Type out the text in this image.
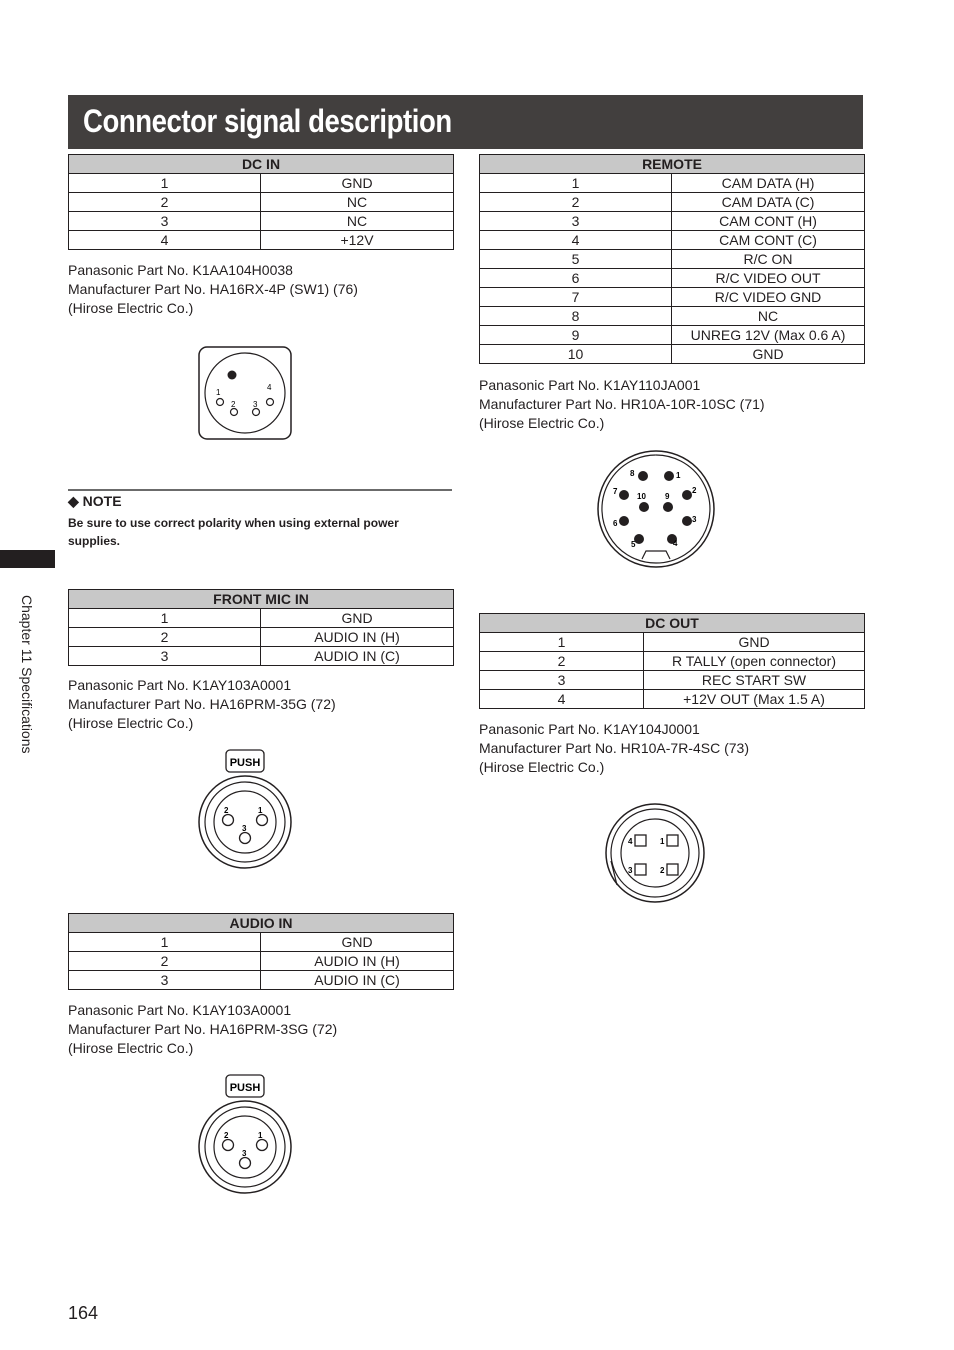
Connector signal description
Chapter 11 Specifications
DC IN	
1	GND
2	NC
3	NC
4	+12V
Panasonic Part No. K1AA104H0038
Manufacturer Part No. HA16RX-4P (SW1) (76)
(Hirose Electric Co.)
1
2 3
4
◆ NOTE
Be sure to use correct polarity when using external power supplies.
FRONT MIC IN	
1	GND
2	AUDIO IN (H)
3	AUDIO IN (C)
Panasonic Part No. K1AY103A0001
Manufacturer Part No. HA16PRM-35G (72)
(Hirose Electric Co.)
PUSH
2	1
3
AUDIO IN	
1	GND
2	AUDIO IN (H)
3	AUDIO IN (C)
Panasonic Part No. K1AY103A0001
Manufacturer Part No. HA16PRM-3SG (72)
(Hirose Electric Co.)
PUSH
2	1
3
REMOTE	
1	CAM DATA (H)
2	CAM DATA (C)
3	CAM CONT (H)
4	CAM CONT (C)
5	R/C ON
6	R/C VIDEO OUT
7	R/C VIDEO GND
8	NC
9	UNREG 12V (Max 0.6 A)
10	GND
Panasonic Part No. K1AY110JA001
Manufacturer Part No. HR10A-10R-10SC (71)
(Hirose Electric Co.)
8	1
7
10 9
2
6	3
5	4
DC OUT	
1	GND
2	R TALLY (open connector)
3	REC START SW
4	+12V OUT (Max 1.5 A)
Panasonic Part No. K1AY104J0001
Manufacturer Part No. HR10A-7R-4SC (73)
(Hirose Electric Co.)
4	1
3	2
164
